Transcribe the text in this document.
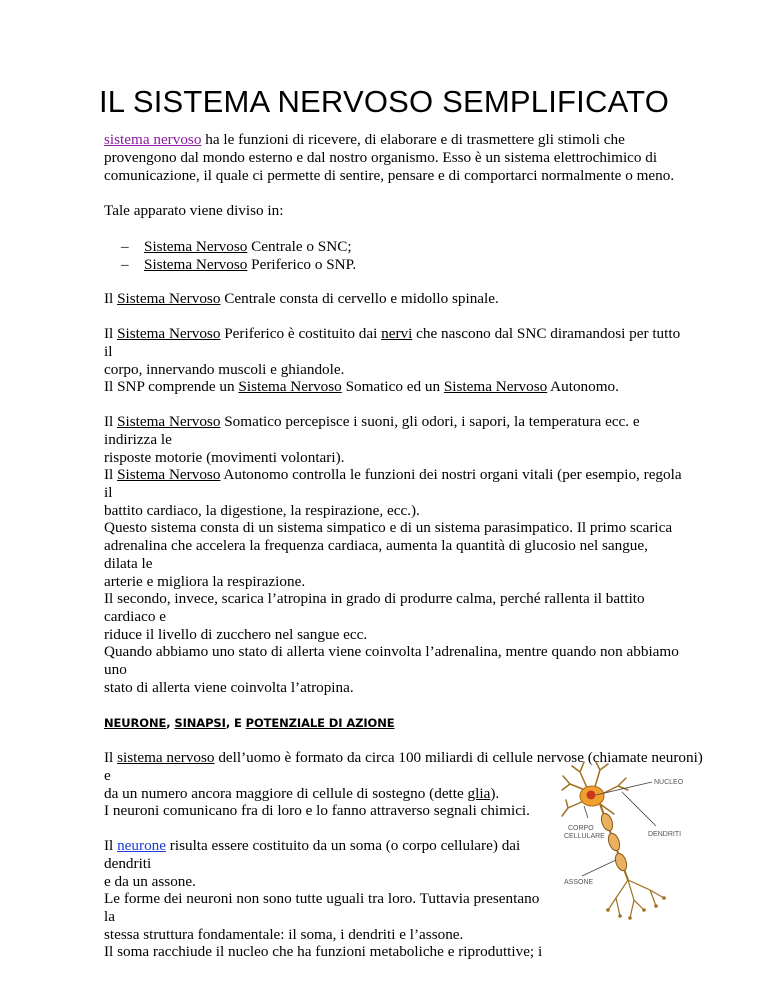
IL SISTEMA NERVOSO SEMPLIFICATO

sistema nervoso ha le funzioni di ricevere, di elaborare e di trasmettere gli stimoli che
provengono dal mondo esterno e dal nostro organismo. Esso è un sistema elettrochimico di
comunicazione, il quale ci permette di sentire, pensare e di comportarci normalmente o meno.

Tale apparato viene diviso in:

– Sistema Nervoso Centrale o SNC;
– Sistema Nervoso Periferico o SNP.

Il Sistema Nervoso Centrale consta di cervello e midollo spinale.

Il Sistema Nervoso Periferico è costituito dai nervi che nascono dal SNC diramandosi per tutto il
corpo, innervando muscoli e ghiandole.

Il SNP comprende un Sistema Nervoso Somatico ed un Sistema Nervoso Autonomo.

Il Sistema Nervoso Somatico percepisce i suoni, gli odori, i sapori, la temperatura ecc. e indirizza le
risposte motorie (movimenti volontari).

Il Sistema Nervoso Autonomo controlla le funzioni dei nostri organi vitali (per esempio, regola il
battito cardiaco, la digestione, la respirazione, ecc.).

Questo sistema consta di un sistema simpatico e di un sistema parasimpatico. Il primo scarica
adrenalina che accelera la frequenza cardiaca, aumenta la quantità di glucosio nel sangue, dilata le
arterie e migliora la respirazione.

Il secondo, invece, scarica l’atropina in grado di produrre calma, perché rallenta il battito cardiaco e
riduce il livello di zucchero nel sangue ecc.

Quando abbiamo uno stato di allerta viene coinvolta l’adrenalina, mentre quando non abbiamo uno
stato di allerta viene coinvolta l’atropina.

NEURONE, SINAPSI, E POTENZIALE DI AZIONE

Il sistema nervoso dell’uomo è formato da circa 100 miliardi di cellule nervose (chiamate neuroni) e
da un numero ancora maggiore di cellule di sostegno (dette glia).

I neuroni comunicano fra di loro e lo fanno attraverso segnali chimici.

Il neurone risulta essere costituito da un soma (o corpo cellulare) dai dendriti
e da un assone.

Le forme dei neuroni non sono tutte uguali tra loro. Tuttavia presentano la
stessa struttura fondamentale: il soma, i dendriti e l’assone.

Il soma racchiude il nucleo che ha funzioni metaboliche e riproduttive; i

NUCLEO
CORPO
CELLULARE	DENDRITI
ASSONE
